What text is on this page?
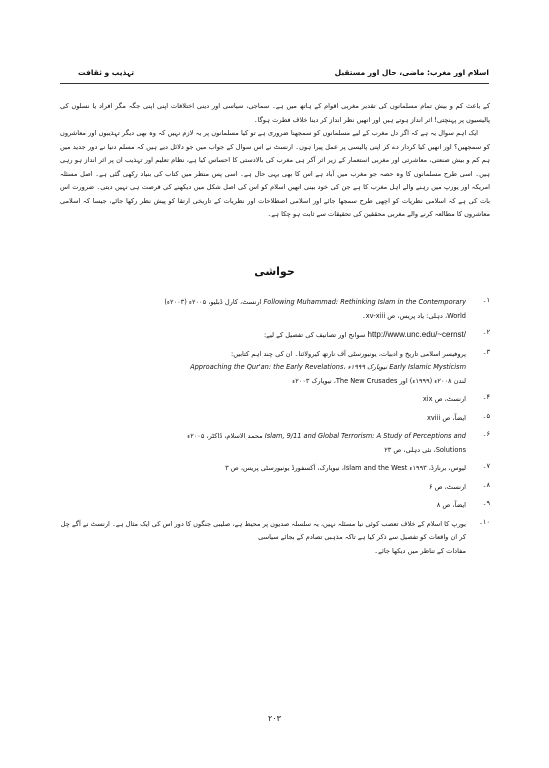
اسلام اور مغرب: ماضی، حال اور مستقبل
تہذیب و ثقافت

کے باعث کم و بیش تمام مسلمانوں کی تقدیر مغربی اقوام کے ہاتھ میں ہے۔ سماجی، سیاسی اور دینی اختلافات اپنی اپنی جگہ مگر افراد یا نسلوں کی پالیسیوں پر پہنچتی! اثر انداز ہوتے ہیں اور انھیں نظر انداز کر دینا خلاف فطرت ہوگا۔

ایک اہم سوال یہ ہے کہ اگر دل مغرب کے لیے مسلمانوں کو سمجھنا ضروری ہے تو کیا مسلمانوں پر یہ لازم نہیں کہ وہ بھی دیگر تہذیبوں اور معاشروں کو سمجھیں؟ اور انھیں کیا کردار دے کر اپنی پالیسی پر عمل پیرا ہوں۔ ارنسٹ نے اس سوال کے جواب میں جو دلائل دیے ہیں کہ مسلم دنیا نے دور جدید میں ہم کم و بیش صنعتی، معاشرتی اور مغربی استعمار کے زیر اثر آکر ہی مغرب کی بالادستی کا احساس کیا ہے، نظام تعلیم اور تہذیب ان پر اثر انداز ہو رہی ہیں۔ اسی طرح مسلمانوں کا وہ حصہ جو مغرب میں آباد ہے اس کا بھی یہی حال ہے۔ اسی پس منظر میں کتاب کی بنیاد رکھی گئی ہے۔ اصل مسئلہ امریکہ اور یورپ میں رہنے والے اہل مغرب کا ہے جن کی خود بینی انھیں اسلام کو اس کی اصل شکل میں دیکھنے کی فرصت ہی نہیں دیتی۔ ضرورت اس بات کی ہے کہ اسلامی نظریات کو اچھی طرح سمجھا جائے اور اسلامی اصطلاحات اور نظریات کے تاریخی ارتقا کو پیش نظر رکھا جائے، جیسا کہ اسلامی معاشروں کا مطالعہ کرنے والے مغربی محققین کی تحقیقات سے ثابت ہو چکا ہے۔

حواشی
۱۔
Following Muhammad: Rethinking Islam in the Contemporary ارنسٹ، کارل ڈبلیو، ۲۰۰۵ء (۲۰۰۳ء)
World، دہلی: یاد پریس، ص xv-xiii۔
۲۔
http://www.unc.edu/~cernst/ سوانح اور تصانیف کی تفصیل کے لیے:
۳۔
پروفیسر اسلامی تاریخ و ادبیات، یونیورسٹی آف نارتھ کیرولائنا۔ ان کی چند اہم کتابیں:
Approaching the Qur'an: the Early Revelations، نیویارک ۱۹۹۹ء Early Islamic Mysticism
لندن ۲۰۰۸ء (۱۹۹۹ء) اور The New Crusades، نیویارک ۲۰۰۳ء
۴۔
ارنسٹ، ص xix
۵۔
ایضاً، ص xviii
۶۔
Islam, 9/11 and Global Terrorism: A Study of Perceptions and محمد الاسلام، ڈاکٹر، ۲۰۰۵ء
Solutions، نئی دہلی، ص ۲۳
۷۔
لیوس، برنارڈ، ۱۹۹۳ء Islam and the West، نیویارک، آکسفورڈ یونیورسٹی پریس، ص ۳
۸۔
ارنسٹ، ص ۶
۹۔
ایضاً، ص ۸
۱۰۔
یورپ کا اسلام کے خلاف تعصب کوئی نیا مسئلہ نہیں، یہ سلسلہ صدیوں پر محیط ہے، صلیبی جنگوں کا دور اس کی ایک مثال ہے۔ ارنسٹ نے آگے چل کر ان واقعات کو تفصیل سے ذکر کیا ہے تاکہ مذہبی تصادم کے بجائے سیاسی
مفادات کے تناظر میں دیکھا جائے۔
۲۰۳
